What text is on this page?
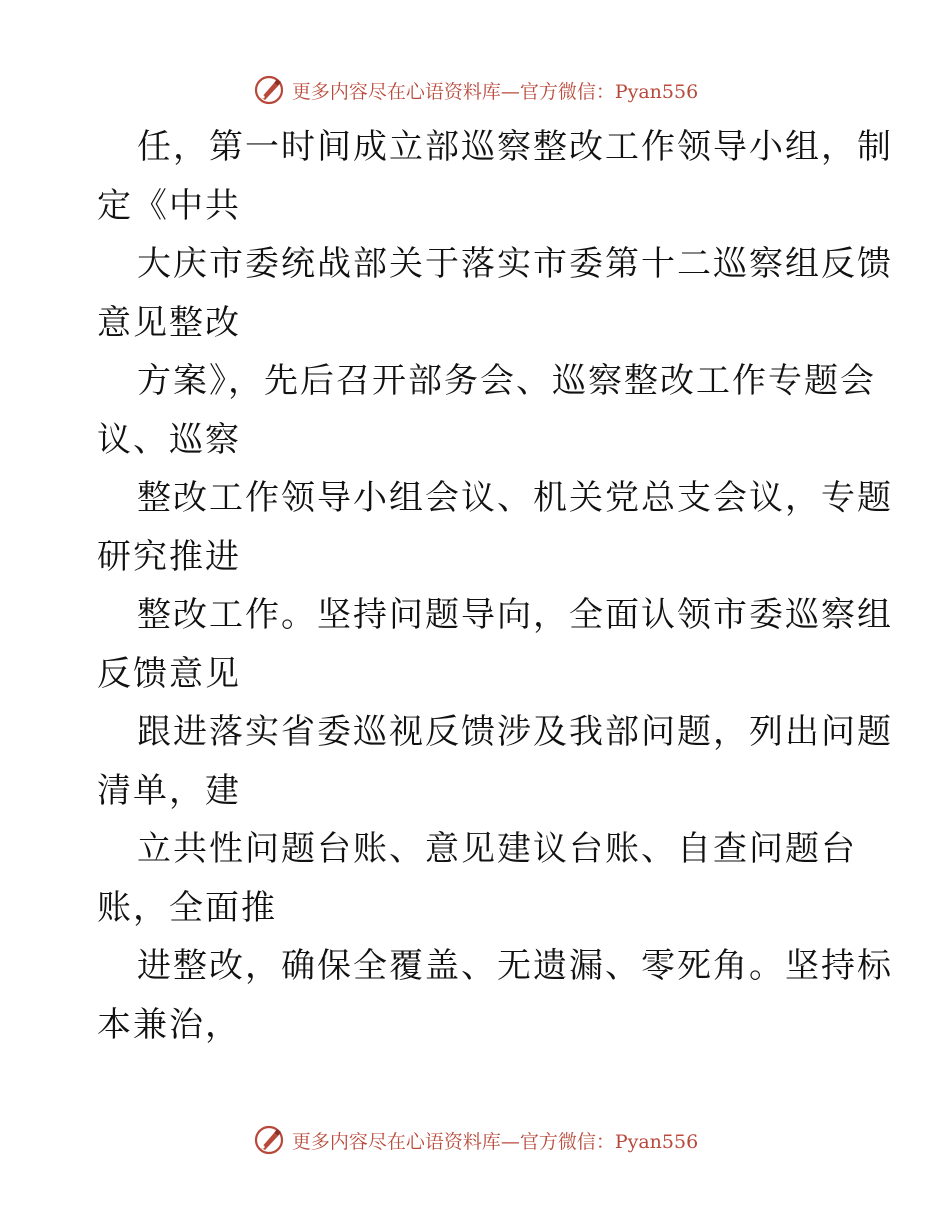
更多内容尽在心语资料库—官方微信：Pyan556
任，第一时间成立部巡察整改工作领导小组，制
定《中共
大庆市委统战部关于落实市委第十二巡察组反馈
意见整改
方案》，先后召开部务会、巡察整改工作专题会
议、巡察
整改工作领导小组会议、机关党总支会议，专题
研究推进
整改工作。坚持问题导向，全面认领市委巡察组
反馈意见
跟进落实省委巡视反馈涉及我部问题，列出问题
清单，建
立共性问题台账、意见建议台账、自查问题台
账，全面推
进整改，确保全覆盖、无遗漏、零死角。坚持标
本兼治，
更多内容尽在心语资料库—官方微信：Pyan556
